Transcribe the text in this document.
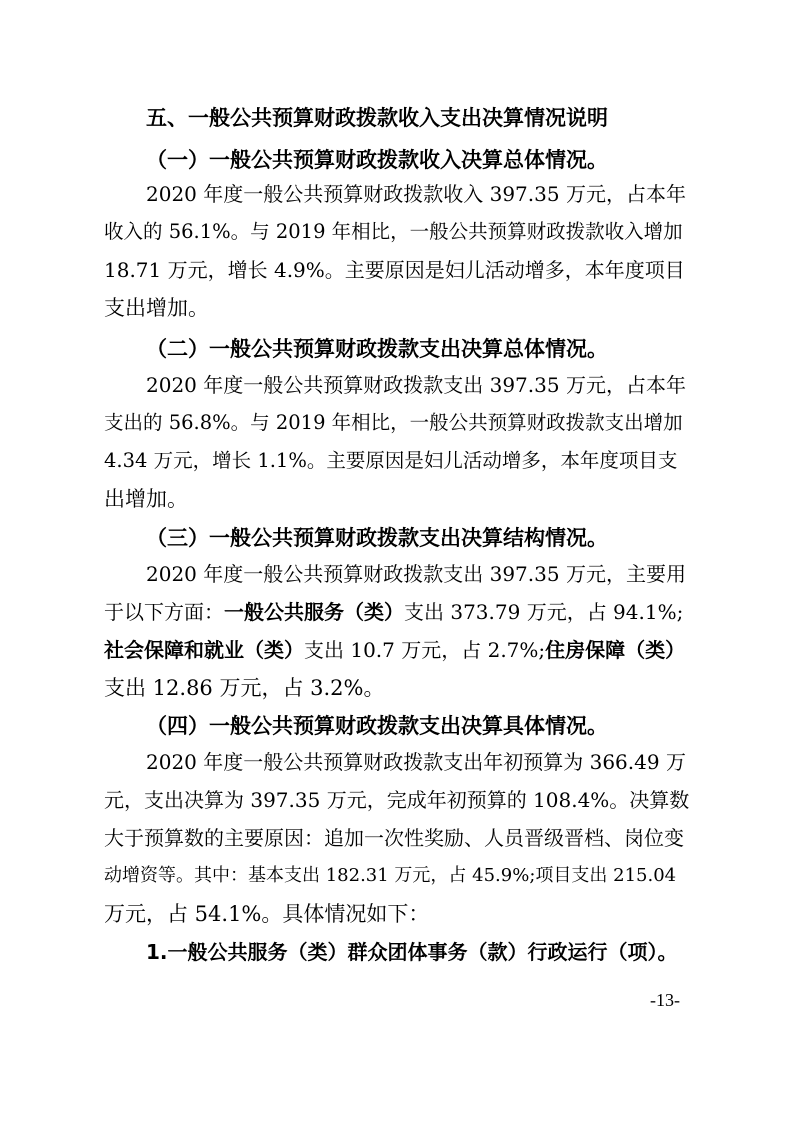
五、一般公共预算财政拨款收入支出决算情况说明
（一）一般公共预算财政拨款收入决算总体情况。
2020 年度一般公共预算财政拨款收入 397.35 万元，占本年
收入的 56.1%。与 2019 年相比，一般公共预算财政拨款收入增加
18.71 万元，增长 4.9%。主要原因是妇儿活动增多，本年度项目
支出增加。
（二）一般公共预算财政拨款支出决算总体情况。
2020 年度一般公共预算财政拨款支出 397.35 万元，占本年
支出的 56.8%。与 2019 年相比，一般公共预算财政拨款支出增加
4.34 万元，增长 1.1%。主要原因是妇儿活动增多，本年度项目支
出增加。
（三）一般公共预算财政拨款支出决算结构情况。
2020 年度一般公共预算财政拨款支出 397.35 万元，主要用
于以下方面：一般公共服务（类）支出 373.79 万元，占 94.1%;
社会保障和就业（类）支出 10.7 万元，占 2.7%;住房保障（类）
支出 12.86 万元，占 3.2%。
（四）一般公共预算财政拨款支出决算具体情况。
2020 年度一般公共预算财政拨款支出年初预算为 366.49 万
元，支出决算为 397.35 万元，完成年初预算的 108.4%。决算数
大于预算数的主要原因：追加一次性奖励、人员晋级晋档、岗位变
动增资等。其中：基本支出 182.31 万元，占 45.9%;项目支出 215.04
万元，占 54.1%。具体情况如下：
1.一般公共服务（类）群众团体事务（款）行政运行（项）。
-13-
